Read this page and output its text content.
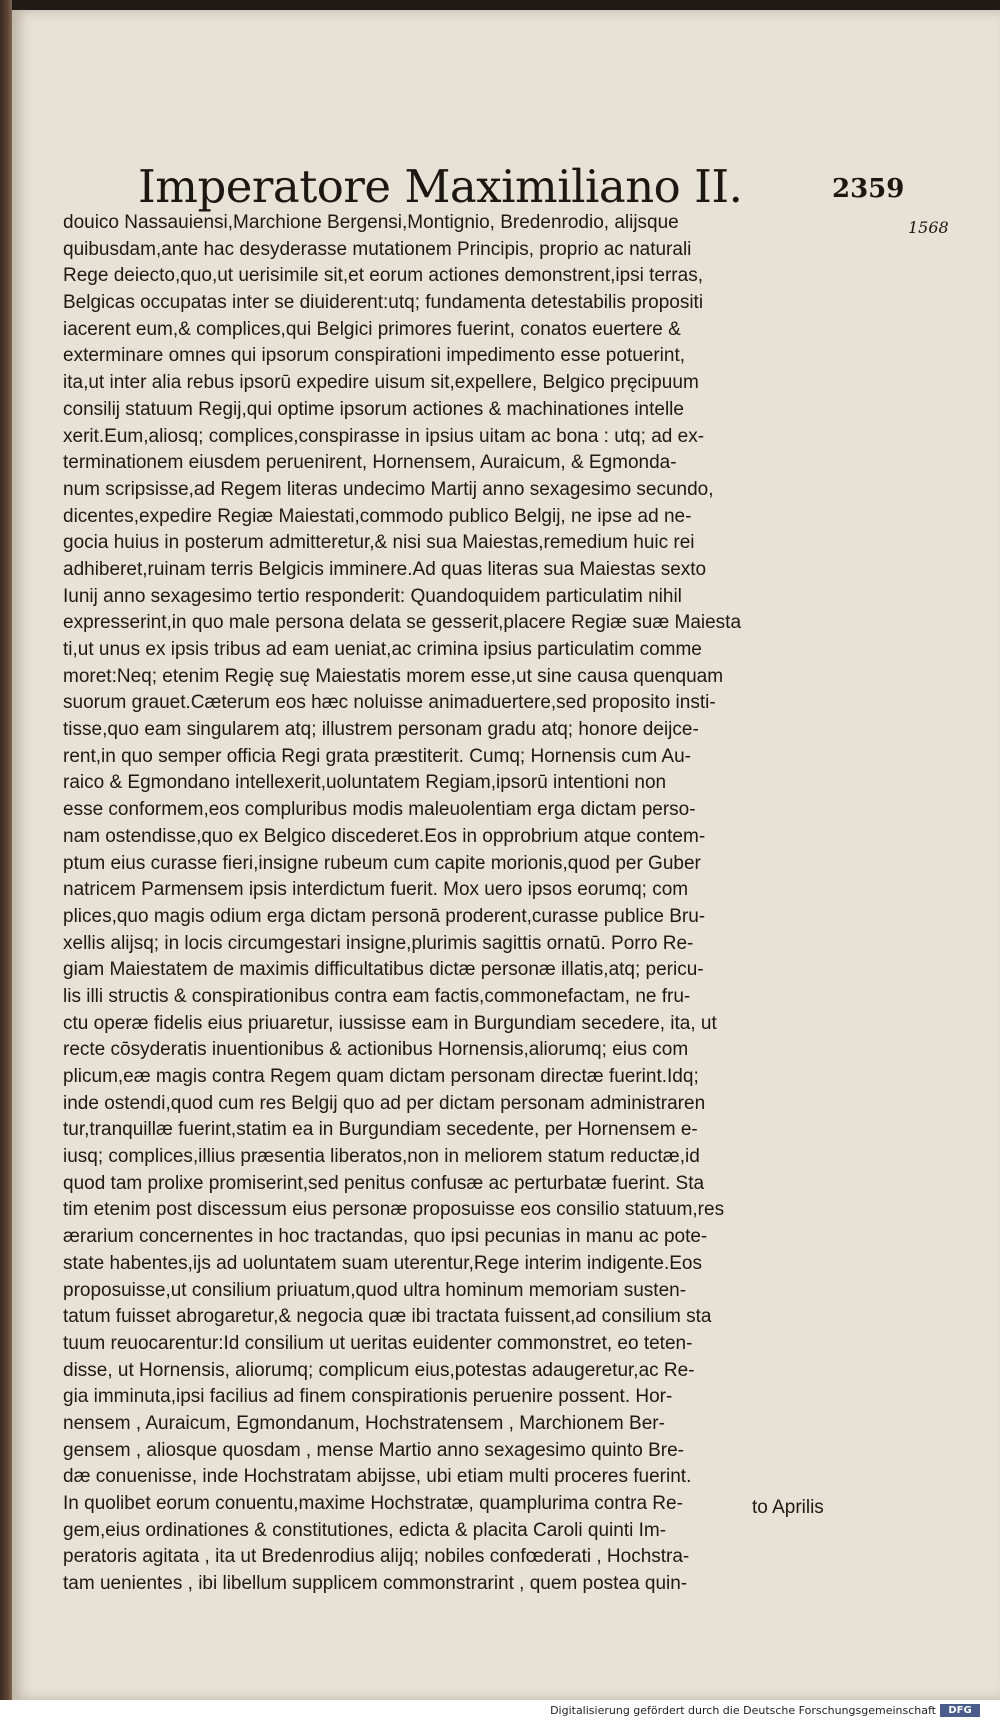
Imperatore Maximiliano II.	2359
1568
douico Nassauiensi,Marchione Bergensi,Montignio, Bredenrodio, alijsque
quibusdam,ante hac desyderasse mutationem Principis, proprio ac naturali
Rege deiecto,quo,ut uerisimile sit,et eorum actiones demonstrent,ipsi terras,
Belgicas occupatas inter se diuiderent:utq; fundamenta detestabilis propositi
iacerent eum,& complices,qui Belgici primores fuerint, conatos euertere &
exterminare omnes qui ipsorum conspirationi impedimento esse potuerint,
ita,ut inter alia rebus ipsorū expedire uisum sit,expellere, Belgico pręcipuum
consilij statuum Regij,qui optime ipsorum actiones & machinationes intelle
xerit.Eum,aliosq; complices,conspirasse in ipsius uitam ac bona : utq; ad ex-
terminationem eiusdem peruenirent, Hornensem, Auraicum, & Egmonda-
num scripsisse,ad Regem literas undecimo Martij anno sexagesimo secundo,
dicentes,expedire Regiæ Maiestati,commodo publico Belgij, ne ipse ad ne-
gocia huius in posterum admitteretur,& nisi sua Maiestas,remedium huic rei
adhiberet,ruinam terris Belgicis imminere.Ad quas literas sua Maiestas sexto
Iunij anno sexagesimo tertio responderit: Quandoquidem particulatim nihil
expresserint,in quo male persona delata se gesserit,placere Regiæ suæ Maiesta
ti,ut unus ex ipsis tribus ad eam ueniat,ac crimina ipsius particulatim comme
moret:Neq; etenim Regię suę Maiestatis morem esse,ut sine causa quenquam
suorum grauet.Cæterum eos hæc noluisse animaduertere,sed proposito insti-
tisse,quo eam singularem atq; illustrem personam gradu atq; honore deijce-
rent,in quo semper officia Regi grata præstiterit. Cumq; Hornensis cum Au-
raico & Egmondano intellexerit,uoluntatem Regiam,ipsorū intentioni non
esse conformem,eos compluribus modis maleuolentiam erga dictam perso-
nam ostendisse,quo ex Belgico discederet.Eos in opprobrium atque contem-
ptum eius curasse fieri,insigne rubeum cum capite morionis,quod per Guber
natricem Parmensem ipsis interdictum fuerit. Mox uero ipsos eorumq; com
plices,quo magis odium erga dictam personā proderent,curasse publice Bru-
xellis alijsq; in locis circumgestari insigne,plurimis sagittis ornatū. Porro Re-
giam Maiestatem de maximis difficultatibus dictæ personæ illatis,atq; pericu-
lis illi structis & conspirationibus contra eam factis,commonefactam, ne fru-
ctu operæ fidelis eius priuaretur, iussisse eam in Burgundiam secedere, ita, ut
recte cōsyderatis inuentionibus & actionibus Hornensis,aliorumq; eius com
plicum,eæ magis contra Regem quam dictam personam directæ fuerint.Idq;
inde ostendi,quod cum res Belgij quo ad per dictam personam administraren
tur,tranquillæ fuerint,statim ea in Burgundiam secedente, per Hornensem e-
iusq; complices,illius præsentia liberatos,non in meliorem statum reductæ,id
quod tam prolixe promiserint,sed penitus confusæ ac perturbatæ fuerint. Sta
tim etenim post discessum eius personæ proposuisse eos consilio statuum,res
ærarium concernentes in hoc tractandas, quo ipsi pecunias in manu ac pote-
state habentes,ijs ad uoluntatem suam uterentur,Rege interim indigente.Eos
proposuisse,ut consilium priuatum,quod ultra hominum memoriam susten-
tatum fuisset abrogaretur,& negocia quæ ibi tractata fuissent,ad consilium sta
tuum reuocarentur:Id consilium ut ueritas euidenter commonstret, eo teten-
disse, ut Hornensis, aliorumq; complicum eius,potestas adaugeretur,ac Re-
gia imminuta,ipsi facilius ad finem conspirationis peruenire possent. Hor-
nensem , Auraicum, Egmondanum, Hochstratensem , Marchionem Ber-
gensem , aliosque quosdam , mense Martio anno sexagesimo quinto Bre-
dæ conuenisse, inde Hochstratam abijsse, ubi etiam multi proceres fuerint.
In quolibet eorum conuentu,maxime Hochstratæ, quamplurima contra Re-
gem,eius ordinationes & constitutiones, edicta & placita Caroli quinti Im-
peratoris agitata , ita ut Bredenrodius alijq; nobiles confœderati , Hochstra-
tam uenientes , ibi libellum supplicem commonstrarint , quem postea quin-
to Aprilis
Digitalisierung gefördert durch die Deutsche Forschungsgemeinschaft	DFG
